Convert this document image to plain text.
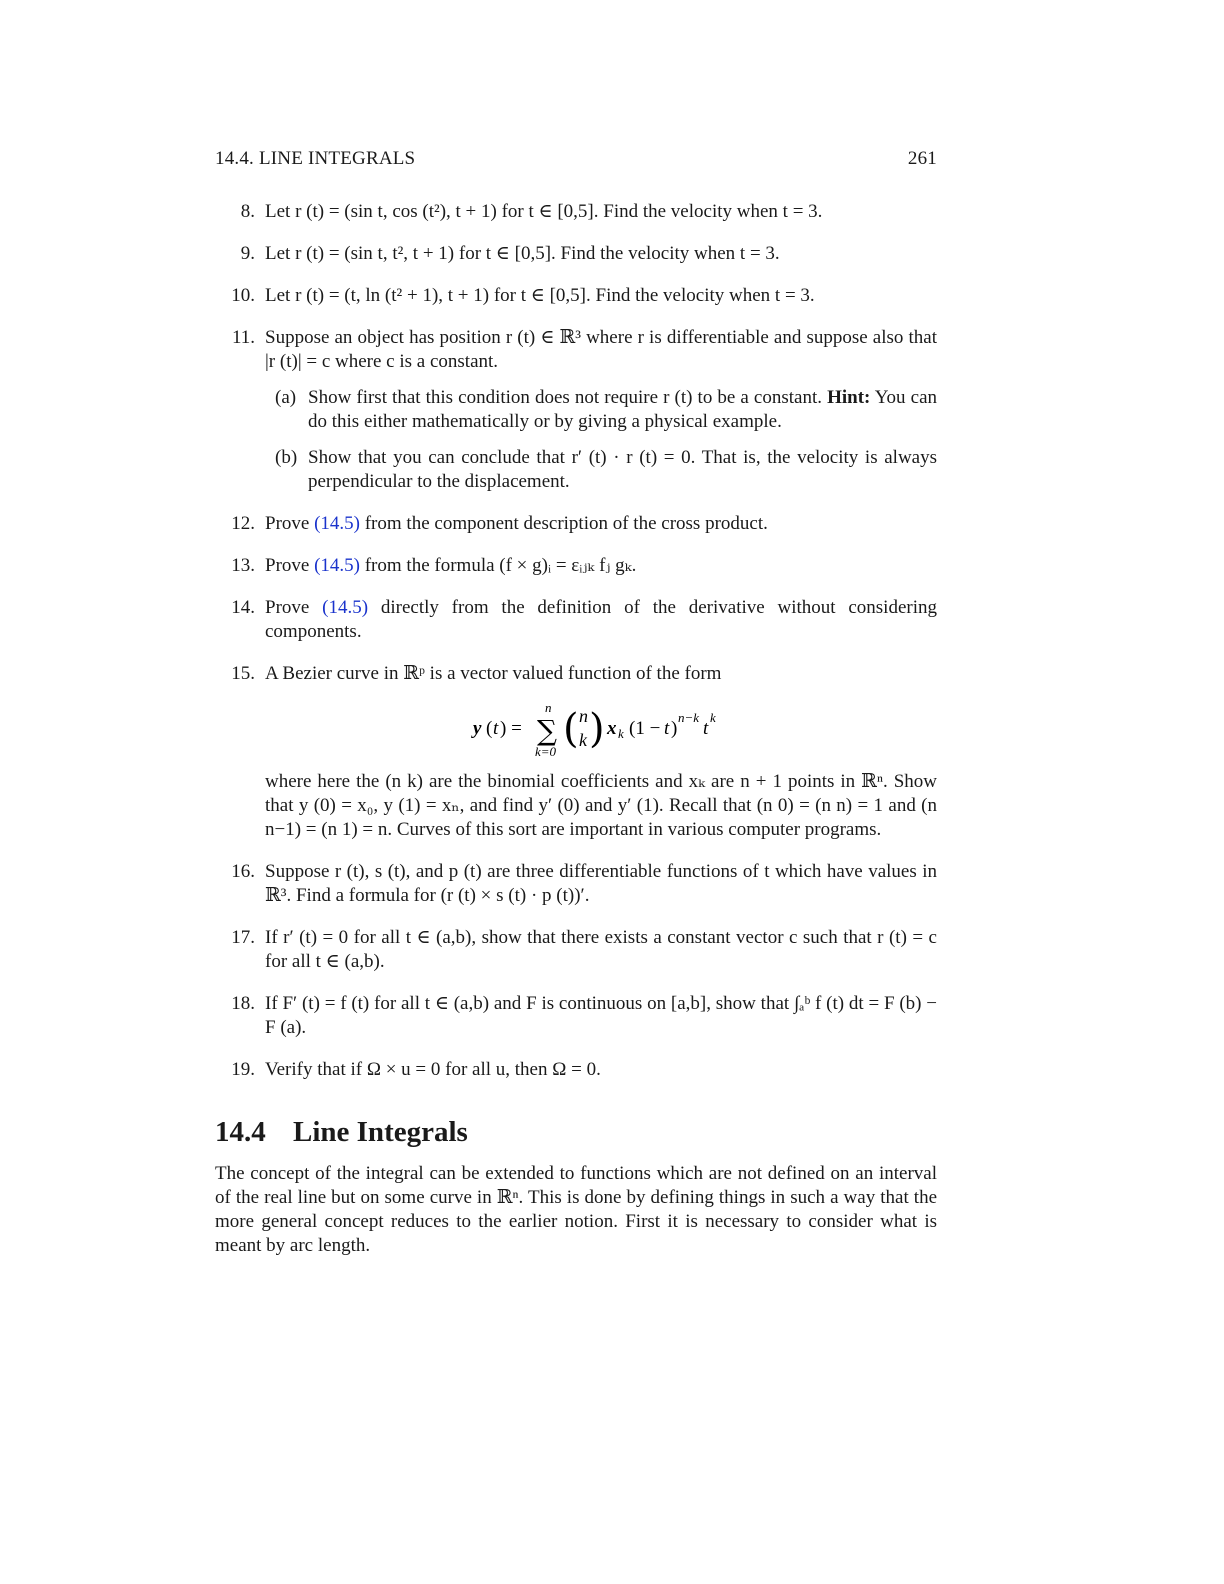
14.4. LINE INTEGRALS	261
8. Let r (t) = (sin t, cos (t²), t + 1) for t ∈ [0,5]. Find the velocity when t = 3.
9. Let r (t) = (sin t, t², t + 1) for t ∈ [0,5]. Find the velocity when t = 3.
10. Let r (t) = (t, ln (t² + 1), t + 1) for t ∈ [0,5]. Find the velocity when t = 3.
11. Suppose an object has position r (t) ∈ ℝ³ where r is differentiable and suppose also that |r (t)| = c where c is a constant.
(a) Show first that this condition does not require r (t) to be a constant. Hint: You can do this either mathematically or by giving a physical example.
(b) Show that you can conclude that r′ (t) · r (t) = 0. That is, the velocity is always perpendicular to the displacement.
12. Prove (14.5) from the component description of the cross product.
13. Prove (14.5) from the formula (f × g)ᵢ = εᵢⱼₖ fⱼ gₖ.
14. Prove (14.5) directly from the definition of the derivative without considering components.
15. A Bezier curve in ℝᵖ is a vector valued function of the form
y ( t ) =
n
∑
k=0 ( n
k ) x k (1 − t )
n−k
t
k
where here the (n k) are the binomial coefficients and xₖ are n + 1 points in ℝⁿ. Show that y (0) = x₀, y (1) = xₙ, and find y′ (0) and y′ (1). Recall that (n 0) = (n n) = 1 and (n n−1) = (n 1) = n. Curves of this sort are important in various computer programs.
16. Suppose r (t), s (t), and p (t) are three differentiable functions of t which have values in ℝ³. Find a formula for (r (t) × s (t) · p (t))′.
17. If r′ (t) = 0 for all t ∈ (a,b), show that there exists a constant vector c such that r (t) = c for all t ∈ (a,b).
18. If F′ (t) = f (t) for all t ∈ (a,b) and F is continuous on [a,b], show that ∫ₐᵇ f (t) dt = F (b) − F (a).
19. Verify that if Ω × u = 0 for all u, then Ω = 0.
14.4 Line Integrals
The concept of the integral can be extended to functions which are not defined on an interval of the real line but on some curve in ℝⁿ. This is done by defining things in such a way that the more general concept reduces to the earlier notion. First it is necessary to consider what is meant by arc length.
